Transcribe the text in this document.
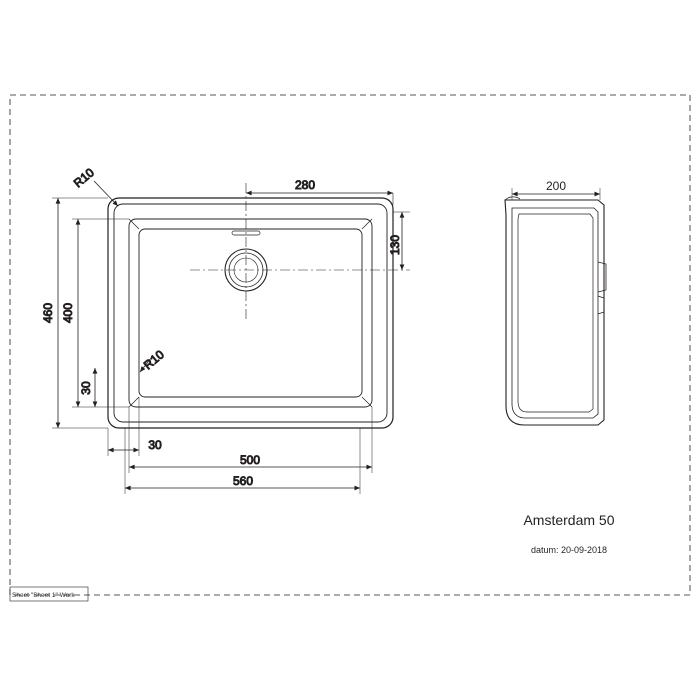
R10	280
130
460 400
30
R10
30
500
560
200
Amsterdam 50
datum: 20-09-2018
Sheet "Sheet 1" Work
